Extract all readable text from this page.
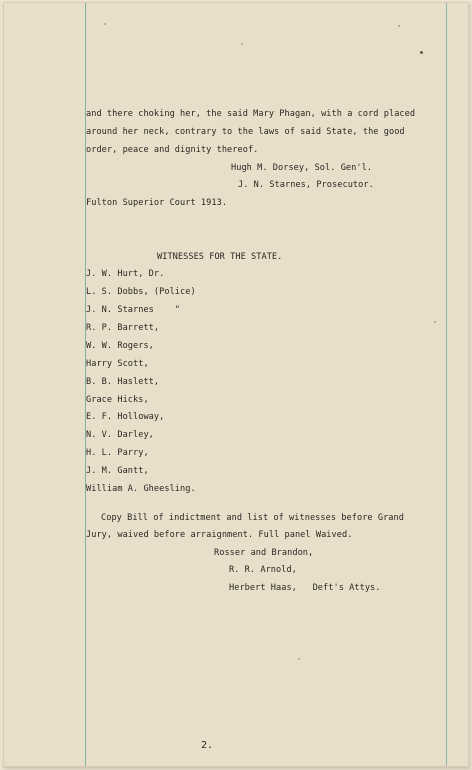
and there choking her, the said Mary Phagan, with a cord placed
around her neck, contrary to the laws of said State, the good
order, peace and dignity thereof.
Hugh M. Dorsey, Sol. Gen'l.
J. N. Starnes, Prosecutor.
Fulton Superior Court 1913.
WITNESSES FOR THE STATE.
J. W. Hurt, Dr.
L. S. Dobbs, (Police)
J. N. Starnes    "
R. P. Barrett,
W. W. Rogers,
Harry Scott,
B. B. Haslett,
Grace Hicks,
E. F. Holloway,
N. V. Darley,
H. L. Parry,
J. M. Gantt,
William A. Gheesling.
Copy Bill of indictment and list of witnesses before Grand
Jury, waived before arraignment. Full panel Waived.
Rosser and Brandon,
R. R. Arnold,
Herbert Haas,   Deft's Attys.
2.
